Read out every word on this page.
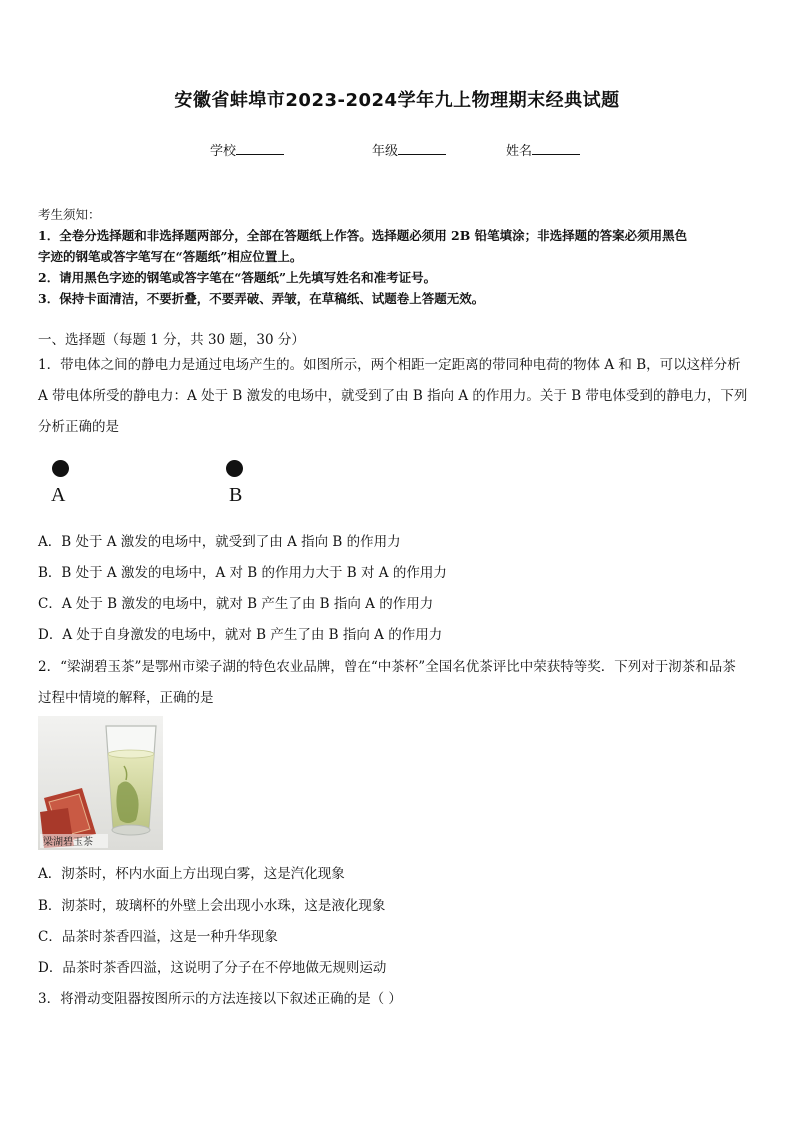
安徽省蚌埠市2023-2024学年九上物理期末经典试题
学校	年级	姓名
考生须知：
1．全卷分选择题和非选择题两部分，全部在答题纸上作答。选择题必须用 2B 铅笔填涂；非选择题的答案必须用黑色
字迹的钢笔或答字笔写在“答题纸”相应位置上。
2．请用黑色字迹的钢笔或答字笔在“答题纸”上先填写姓名和准考证号。
3．保持卡面清洁，不要折叠，不要弄破、弄皱，在草稿纸、试题卷上答题无效。
一、选择题（每题 1 分，共 30 题，30 分）
1．带电体之间的静电力是通过电场产生的。如图所示，两个相距一定距离的带同种电荷的物体 A 和 B，可以这样分析
A 带电体所受的静电力：A 处于 B 激发的电场中，就受到了由 B 指向 A 的作用力。关于 B 带电体受到的静电力，下列
分析正确的是
A	B
A．B 处于 A 激发的电场中，就受到了由 A 指向 B 的作用力
B．B 处于 A 激发的电场中，A 对 B 的作用力大于 B 对 A 的作用力
C．A 处于 B 激发的电场中，就对 B 产生了由 B 指向 A 的作用力
D．A 处于自身激发的电场中，就对 B 产生了由 B 指向 A 的作用力
2．“梁湖碧玉茶”是鄂州市梁子湖的特色农业品牌，曾在“中茶杯”全国名优茶评比中荣获特等奖．下列对于沏茶和品茶
过程中情境的解释，正确的是
梁湖碧玉茶
A．沏茶时，杯内水面上方出现白雾，这是汽化现象
B．沏茶时，玻璃杯的外壁上会出现小水珠，这是液化现象
C．品茶时茶香四溢，这是一种升华现象
D．品茶时茶香四溢，这说明了分子在不停地做无规则运动
3．将滑动变阻器按图所示的方法连接以下叙述正确的是（ ）
